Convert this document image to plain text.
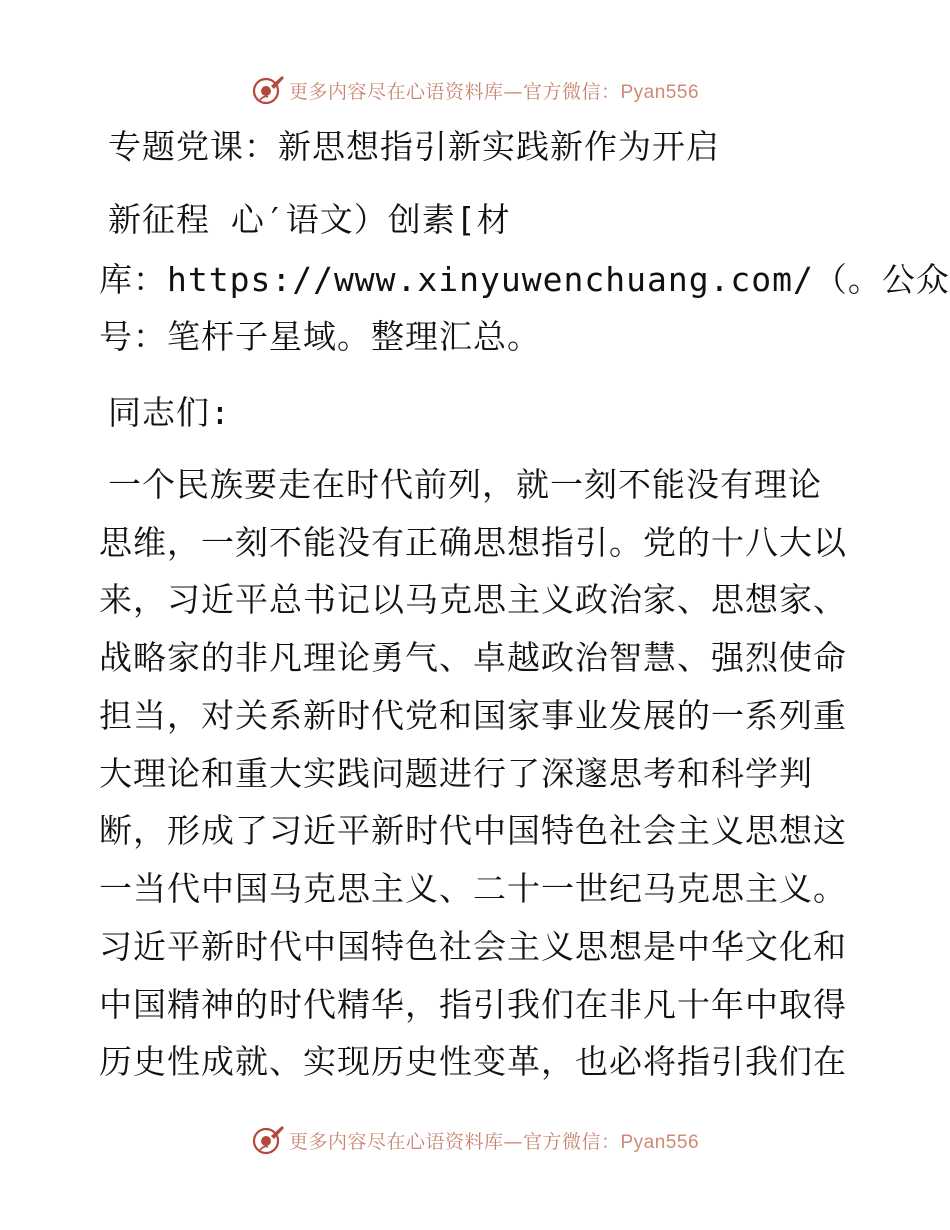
更多内容尽在心语资料库—官方微信：Pyan556
专题党课：新思想指引新实践新作为开启
新征程 心′语文）创素[材
库：https://www.xinyuwenchuang.com/（。公众
号：笔杆子星域。整理汇总。
同志们:
一个民族要走在时代前列，就一刻不能没有理论
思维，一刻不能没有正确思想指引。党的十八大以
来，习近平总书记以马克思主义政治家、思想家、
战略家的非凡理论勇气、卓越政治智慧、强烈使命
担当，对关系新时代党和国家事业发展的一系列重
大理论和重大实践问题进行了深邃思考和科学判
断，形成了习近平新时代中国特色社会主义思想这
一当代中国马克思主义、二十一世纪马克思主义。
习近平新时代中国特色社会主义思想是中华文化和
中国精神的时代精华，指引我们在非凡十年中取得
历史性成就、实现历史性变革，也必将指引我们在
更多内容尽在心语资料库—官方微信：Pyan556
